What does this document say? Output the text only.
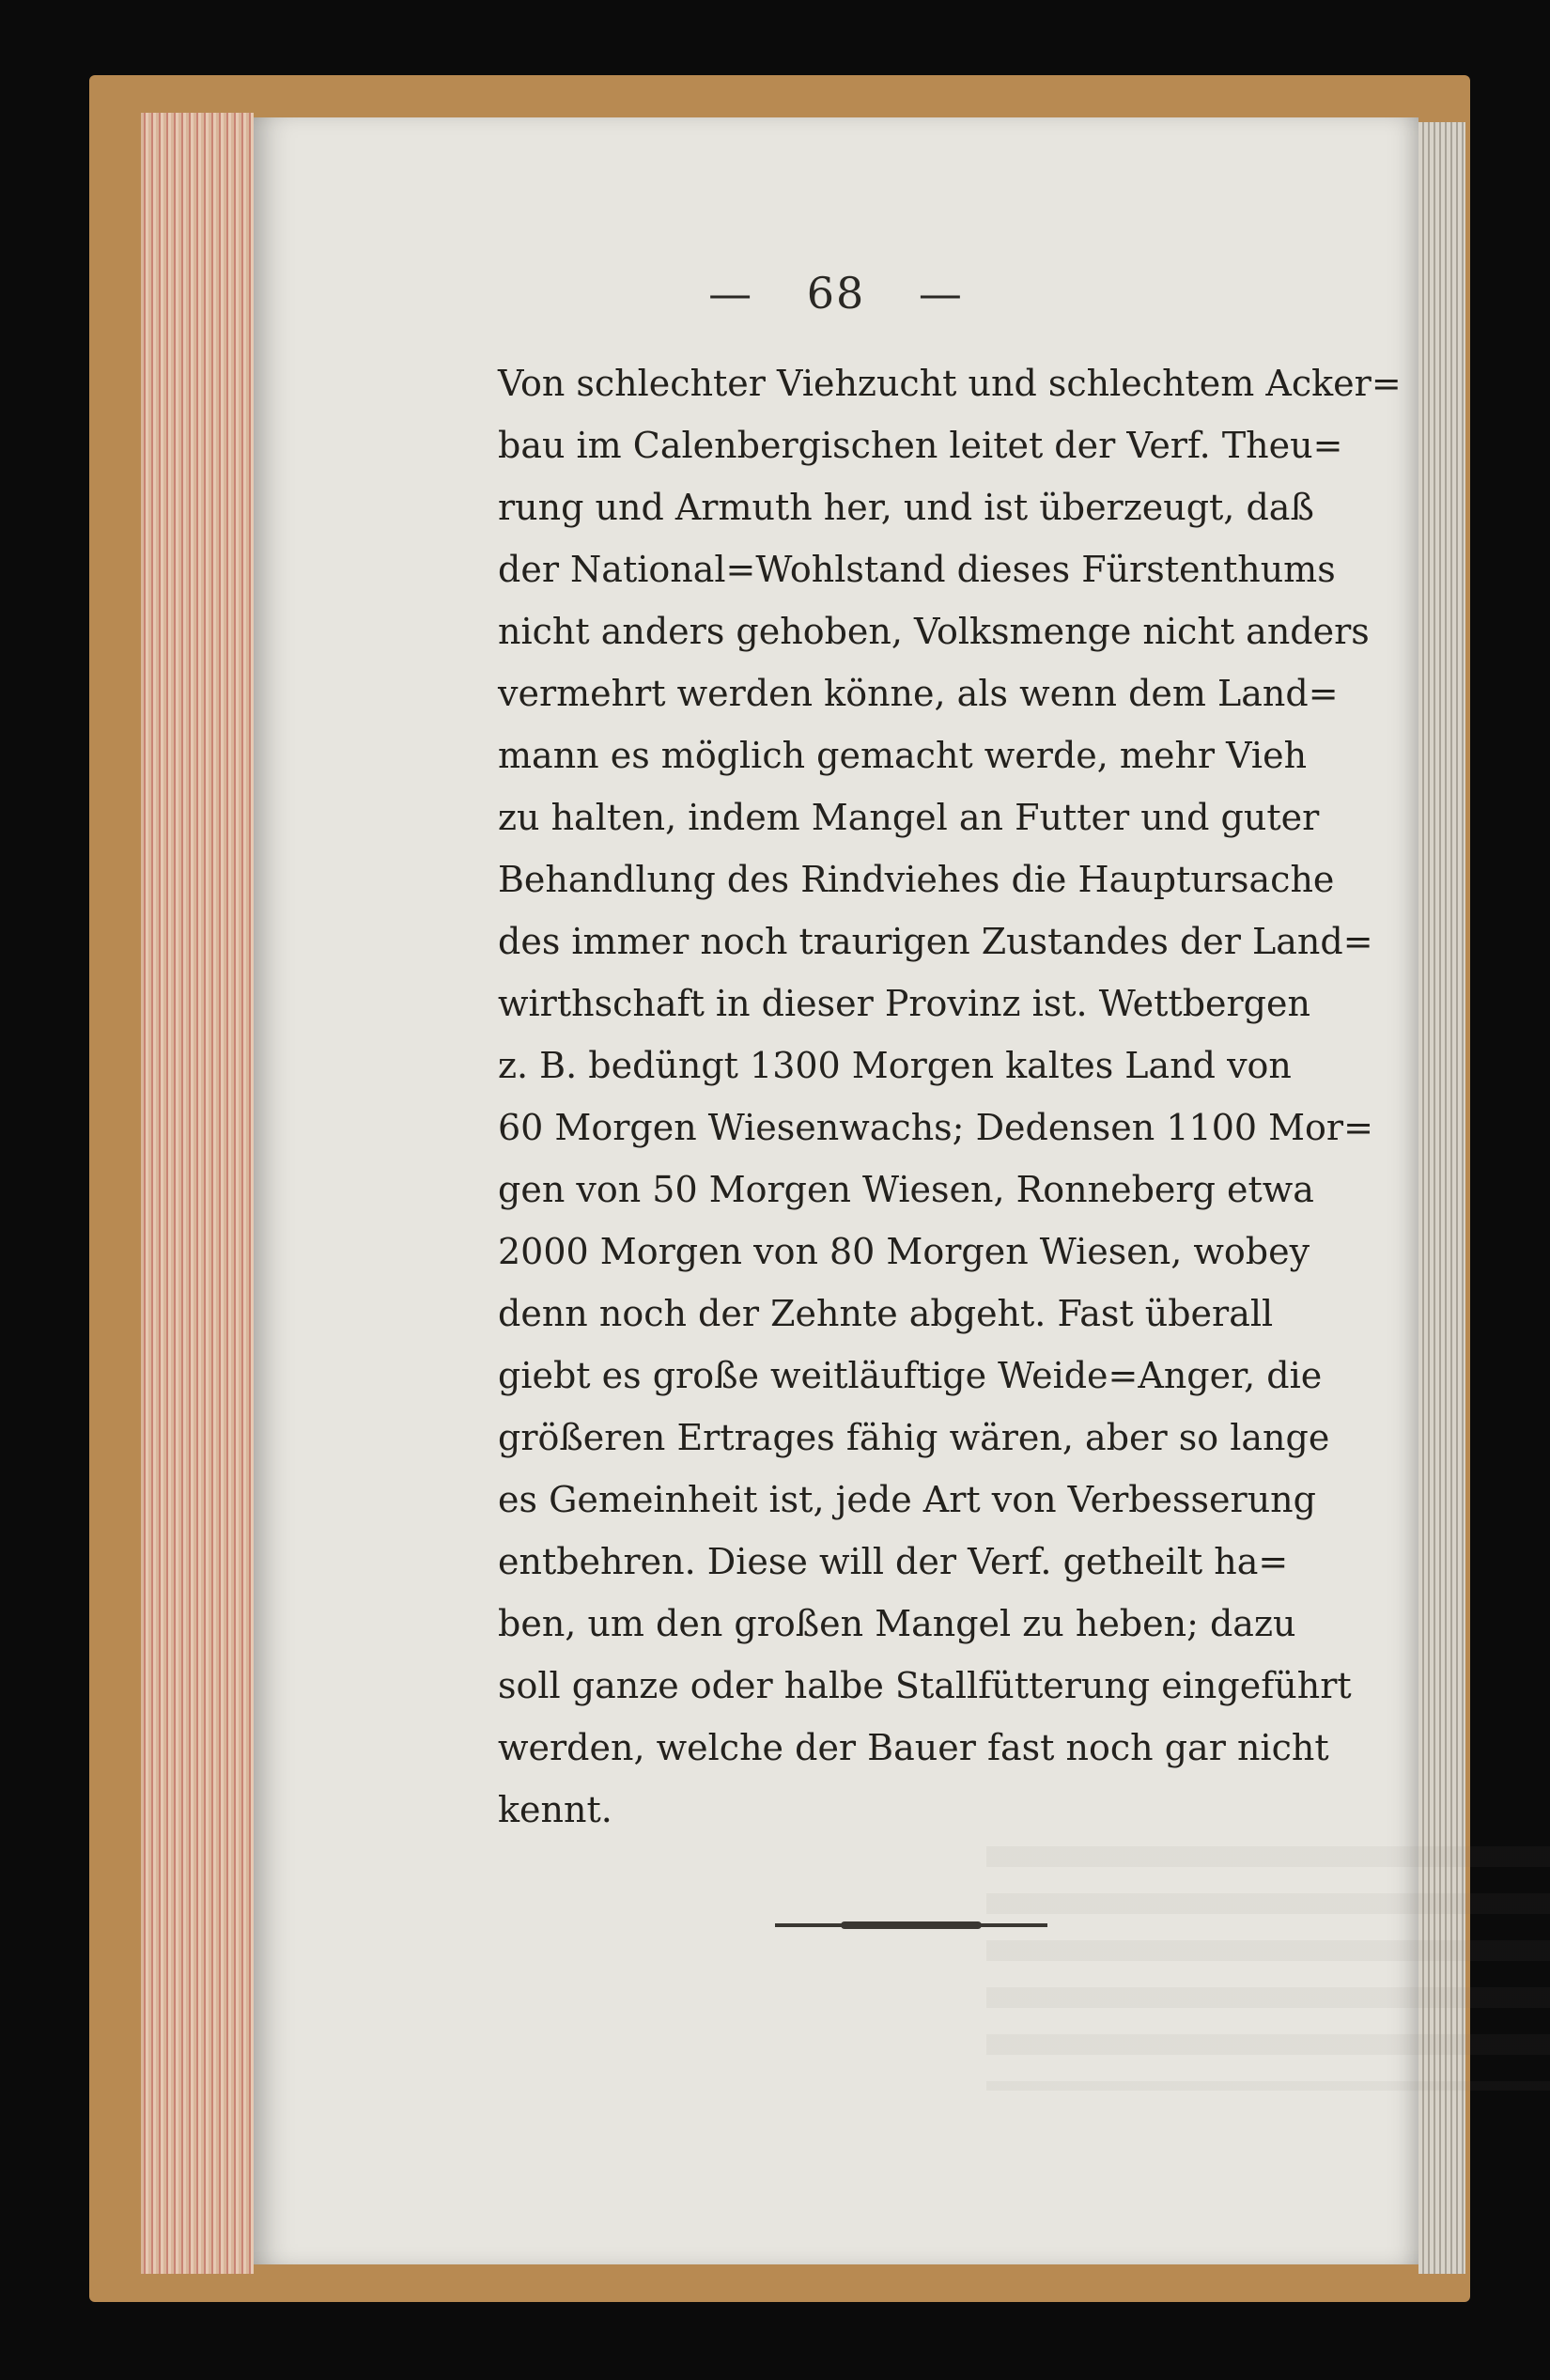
— 68 —
Von schlechter Viehzucht und schlechtem Acker=
bau im Calenbergischen leitet der Verf. Theu=
rung und Armuth her, und ist überzeugt, daß
der National=Wohlstand dieses Fürstenthums
nicht anders gehoben, Volksmenge nicht anders
vermehrt werden könne, als wenn dem Land=
mann es möglich gemacht werde, mehr Vieh
zu halten, indem Mangel an Futter und guter
Behandlung des Rindviehes die Hauptursache
des immer noch traurigen Zustandes der Land=
wirthschaft in dieser Provinz ist. Wettbergen
z. B. bedüngt 1300 Morgen kaltes Land von
60 Morgen Wiesenwachs; Dedensen 1100 Mor=
gen von 50 Morgen Wiesen, Ronneberg etwa
2000 Morgen von 80 Morgen Wiesen, wobey
denn noch der Zehnte abgeht. Fast überall
giebt es große weitläuftige Weide=Anger, die
größeren Ertrages fähig wären, aber so lange
es Gemeinheit ist, jede Art von Verbesserung
entbehren. Diese will der Verf. getheilt ha=
ben, um den großen Mangel zu heben; dazu
soll ganze oder halbe Stallfütterung eingeführt
werden, welche der Bauer fast noch gar nicht
kennt.
